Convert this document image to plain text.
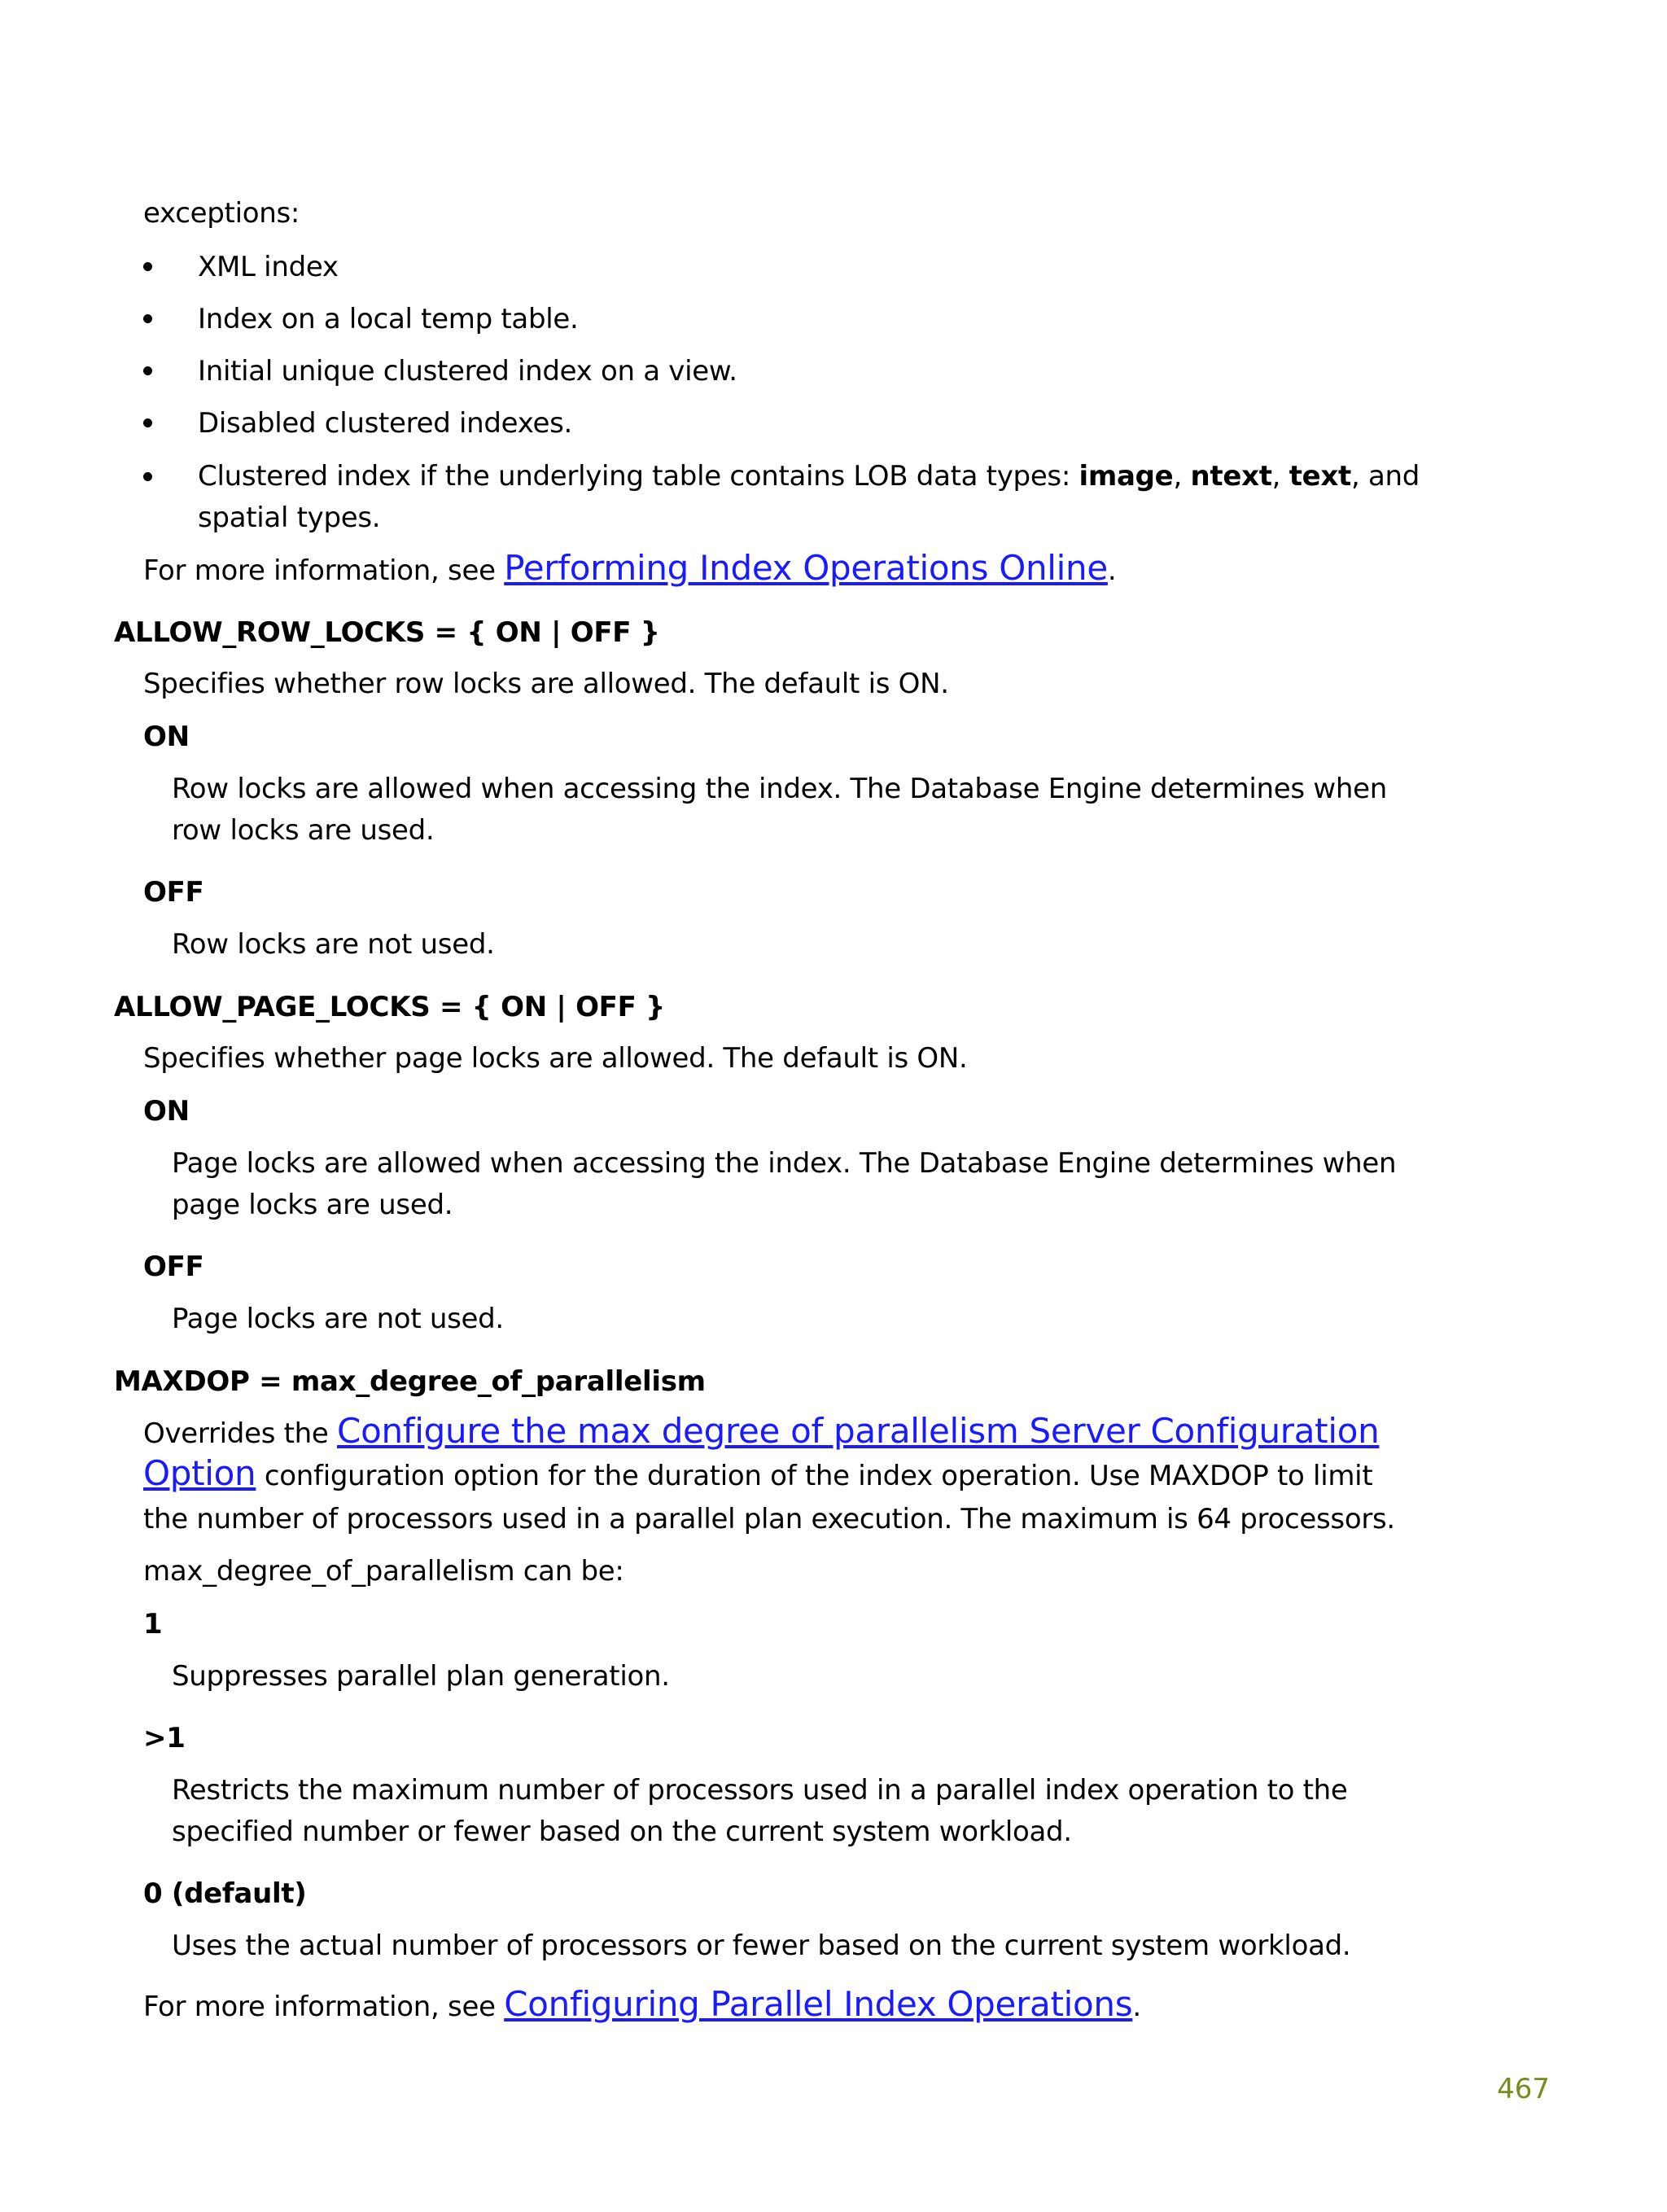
exceptions:
XML index
Index on a local temp table.
Initial unique clustered index on a view.
Disabled clustered indexes.
Clustered index if the underlying table contains LOB data types: image, ntext, text, and
spatial types.
For more information, see Performing Index Operations Online.
ALLOW_ROW_LOCKS = { ON | OFF }
Specifies whether row locks are allowed. The default is ON.
ON
Row locks are allowed when accessing the index. The Database Engine determines when
row locks are used.
OFF
Row locks are not used.
ALLOW_PAGE_LOCKS = { ON | OFF }
Specifies whether page locks are allowed. The default is ON.
ON
Page locks are allowed when accessing the index. The Database Engine determines when
page locks are used.
OFF
Page locks are not used.
MAXDOP = max_degree_of_parallelism
Overrides the Configure the max degree of parallelism Server Configuration
Option configuration option for the duration of the index operation. Use MAXDOP to limit
the number of processors used in a parallel plan execution. The maximum is 64 processors.
max_degree_of_parallelism can be:
1
Suppresses parallel plan generation.
>1
Restricts the maximum number of processors used in a parallel index operation to the
specified number or fewer based on the current system workload.
0 (default)
Uses the actual number of processors or fewer based on the current system workload.
For more information, see Configuring Parallel Index Operations.
467
